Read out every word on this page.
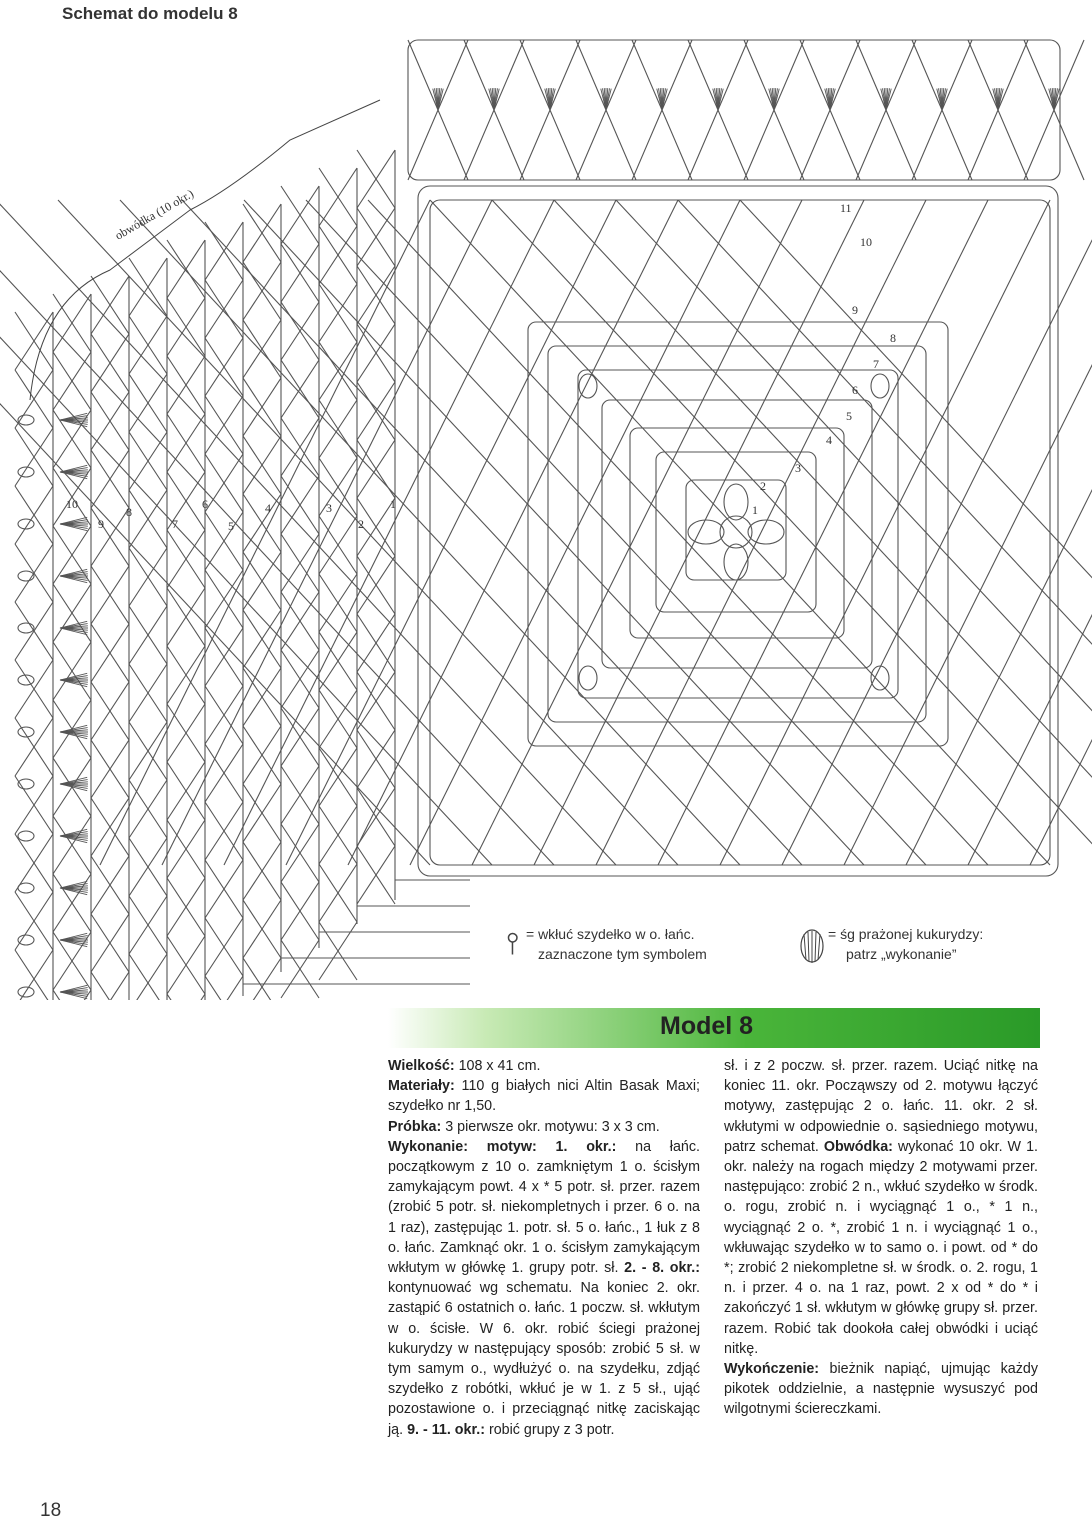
Schemat do modelu 8
1
2
3
4
5
6
7
8
9
10
11
1
2
3
4
5
6
7
8
9
10
obwódka (10 okr.)
⫯ = wkłuć szydełko w o. łańc.
zaznaczone tym symbolem
= śg prażonej kukurydzy:
patrz „wykonanie”
Model 8
Wielkość: 108 x 41 cm.
Materiały: 110 g białych nici Altin Basak Maxi; szydełko nr 1,50.
Próbka: 3 pierwsze okr. motywu: 3 x 3 cm.
Wykonanie: motyw: 1. okr.: na łańc. początkowym z 10 o. zamkniętym 1 o. ścisłym zamykającym powt. 4 x * 5 potr. sł. przer. razem (zrobić 5 potr. sł. niekompletnych i przer. 6 o. na 1 raz), zastępując 1. potr. sł. 5 o. łańc., 1 łuk z 8 o. łańc. Zamknąć okr. 1 o. ścisłym zamykającym wkłutym w główkę 1. grupy potr. sł. 2. - 8. okr.: kontynuować wg schematu. Na koniec 2. okr. zastąpić 6 ostatnich o. łańc. 1 poczw. sł. wkłutym w o. ścisłe. W 6. okr. robić ściegi prażonej kukurydzy w następujący sposób: zrobić 5 sł. w tym samym o., wydłużyć o. na szydełku, zdjąć szydełko z robótki, wkłuć je w 1. z 5 sł., ująć pozostawione o. i przeciągnąć nitkę zaciskając ją. 9. - 11. okr.: robić grupy z 3 potr.
sł. i z 2 poczw. sł. przer. razem. Uciąć nitkę na koniec 11. okr. Począwszy od 2. motywu łączyć motywy, zastępując 2 o. łańc. 11. okr. 2 sł. wkłutymi w odpowiednie o. sąsiedniego motywu, patrz schemat. Obwódka: wykonać 10 okr. W 1. okr. należy na rogach między 2 motywami przer. następująco: zrobić 2 n., wkłuć szydełko w środk. o. rogu, zrobić n. i wyciągnąć 1 o., * 1 n., wyciągnąć 2 o. *, zrobić 1 n. i wyciągnąć 1 o., wkłuwając szydełko w to samo o. i powt. od * do *; zrobić 2 niekompletne sł. w środk. o. 2. rogu, 1 n. i przer. 4 o. na 1 raz, powt. 2 x od * do * i zakończyć 1 sł. wkłutym w główkę grupy sł. przer. razem. Robić tak dookoła całej obwódki i uciąć nitkę.
Wykończenie: bieżnik napiąć, ujmując każdy pikotek oddzielnie, a następnie wysuszyć pod wilgotnymi ściereczkami.
18
